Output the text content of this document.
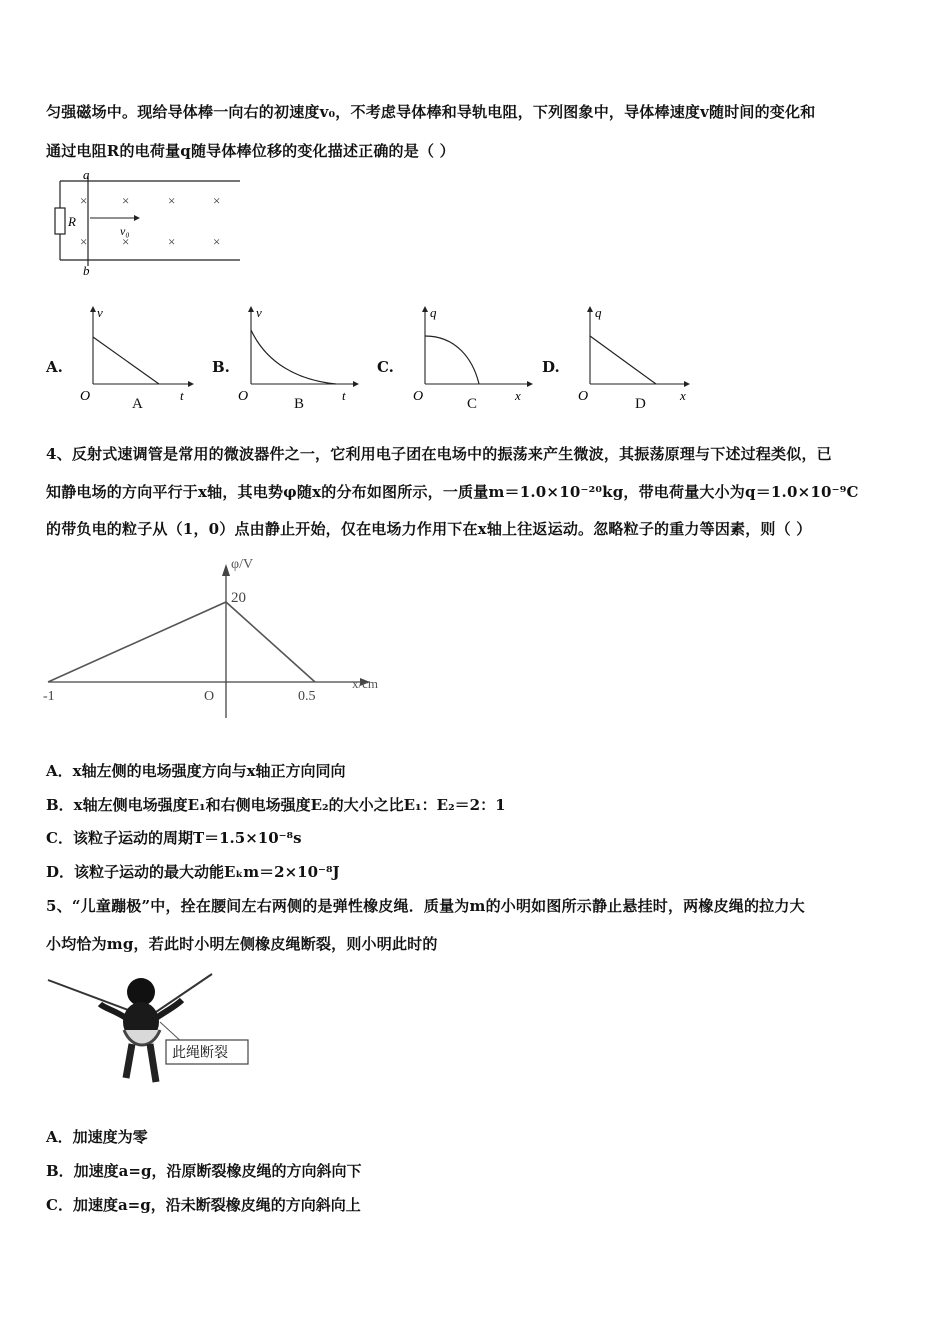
匀强磁场中。现给导体棒一向右的初速度v₀，不考虑导体棒和导轨电阻，下列图象中，导体棒速度v随时间的变化和
通过电阻R的电荷量q随导体棒位移的变化描述正确的是（ ）
R
a
b
×	×	×	×
×	×	×	×
v₀
A.
v
t
O	A
B.
v
t
O	B
C.
q
x
O	C
D.
q
x
O	D
4、反射式速调管是常用的微波器件之一，它利用电子团在电场中的振荡来产生微波，其振荡原理与下述过程类似，已
知静电场的方向平行于x轴，其电势φ随x的分布如图所示，一质量m＝1.0×10⁻²⁰kg，带电荷量大小为q＝1.0×10⁻⁹C
的带负电的粒子从（1，0）点由静止开始，仅在电场力作用下在x轴上往返运动。忽略粒子的重力等因素，则（ ）
φ/V
x/cm
20
-1	O	0.5
A．x轴左侧的电场强度方向与x轴正方向同向
B．x轴左侧电场强度E₁和右侧电场强度E₂的大小之比E₁：E₂＝2：1
C．该粒子运动的周期T＝1.5×10⁻⁸s
D．该粒子运动的最大动能Eₖm＝2×10⁻⁸J
5、“儿童蹦极”中，拴在腰间左右两侧的是弹性橡皮绳．质量为m的小明如图所示静止悬挂时，两橡皮绳的拉力大
小均恰为mg，若此时小明左侧橡皮绳断裂，则小明此时的
此绳断裂
A．加速度为零
B．加速度a=g，沿原断裂橡皮绳的方向斜向下
C．加速度a=g，沿未断裂橡皮绳的方向斜向上
